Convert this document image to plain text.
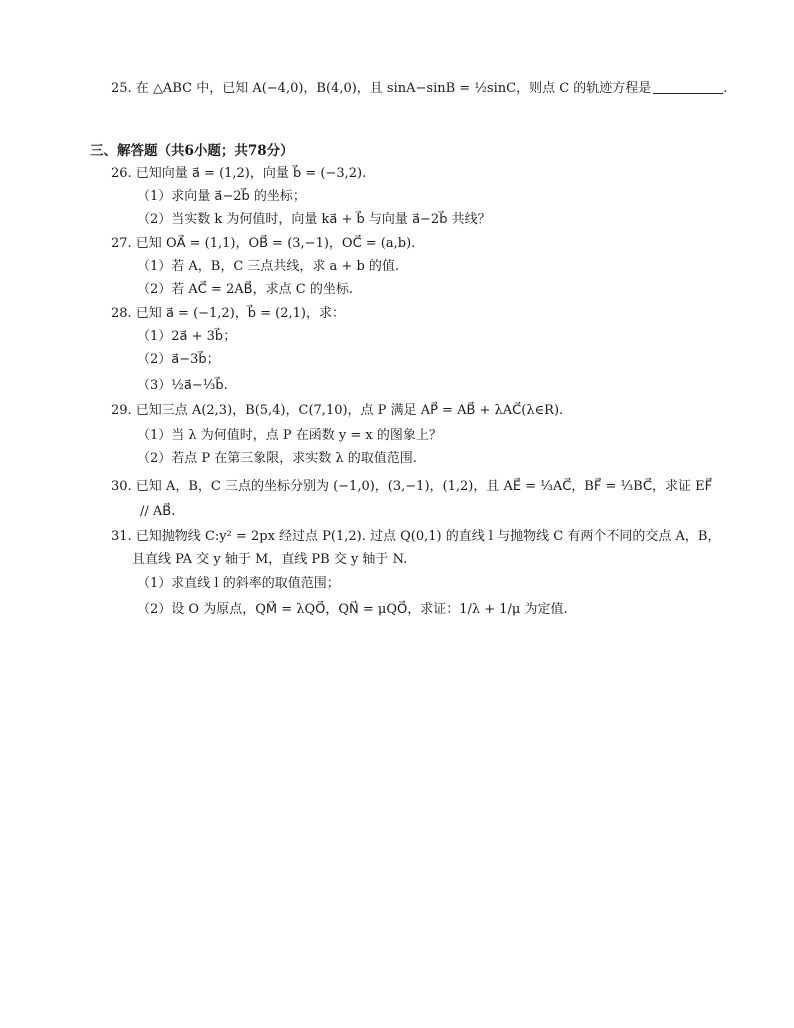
25. 在 △ABC 中，已知 A(−4,0)，B(4,0)，且 sinA−sinB = ½sinC，则点 C 的轨迹方程是	.
三、解答题（共6小题；共78分）
26. 已知向量 a⃗ = (1,2)，向量 b⃗ = (−3,2).
（1）求向量 a⃗−2b⃗ 的坐标；
（2）当实数 k 为何值时，向量 ka⃗ + b⃗ 与向量 a⃗−2b⃗ 共线？
27. 已知 OA⃗ = (1,1)，OB⃗ = (3,−1)，OC⃗ = (a,b).
（1）若 A，B，C 三点共线，求 a + b 的值.
（2）若 AC⃗ = 2AB⃗，求点 C 的坐标.
28. 已知 a⃗ = (−1,2)，b⃗ = (2,1)，求：
（1）2a⃗ + 3b⃗；
（2）a⃗−3b⃗；
（3）½a⃗−⅓b⃗.
29. 已知三点 A(2,3)，B(5,4)，C(7,10)，点 P 满足 AP⃗ = AB⃗ + λAC⃗(λ∈R).
（1）当 λ 为何值时，点 P 在函数 y = x 的图象上？
（2）若点 P 在第三象限，求实数 λ 的取值范围.
30. 已知 A，B，C 三点的坐标分别为 (−1,0)，(3,−1)，(1,2)，且 AE⃗ = ⅓AC⃗，BF⃗ = ⅓BC⃗，求证 EF⃗
// AB⃗.
31. 已知抛物线 C:y² = 2px 经过点 P(1,2). 过点 Q(0,1) 的直线 l 与抛物线 C 有两个不同的交点 A，B，
且直线 PA 交 y 轴于 M，直线 PB 交 y 轴于 N.
（1）求直线 l 的斜率的取值范围；
（2）设 O 为原点，QM⃗ = λQO⃗，QN⃗ = μQO⃗，求证：1/λ + 1/μ 为定值.
